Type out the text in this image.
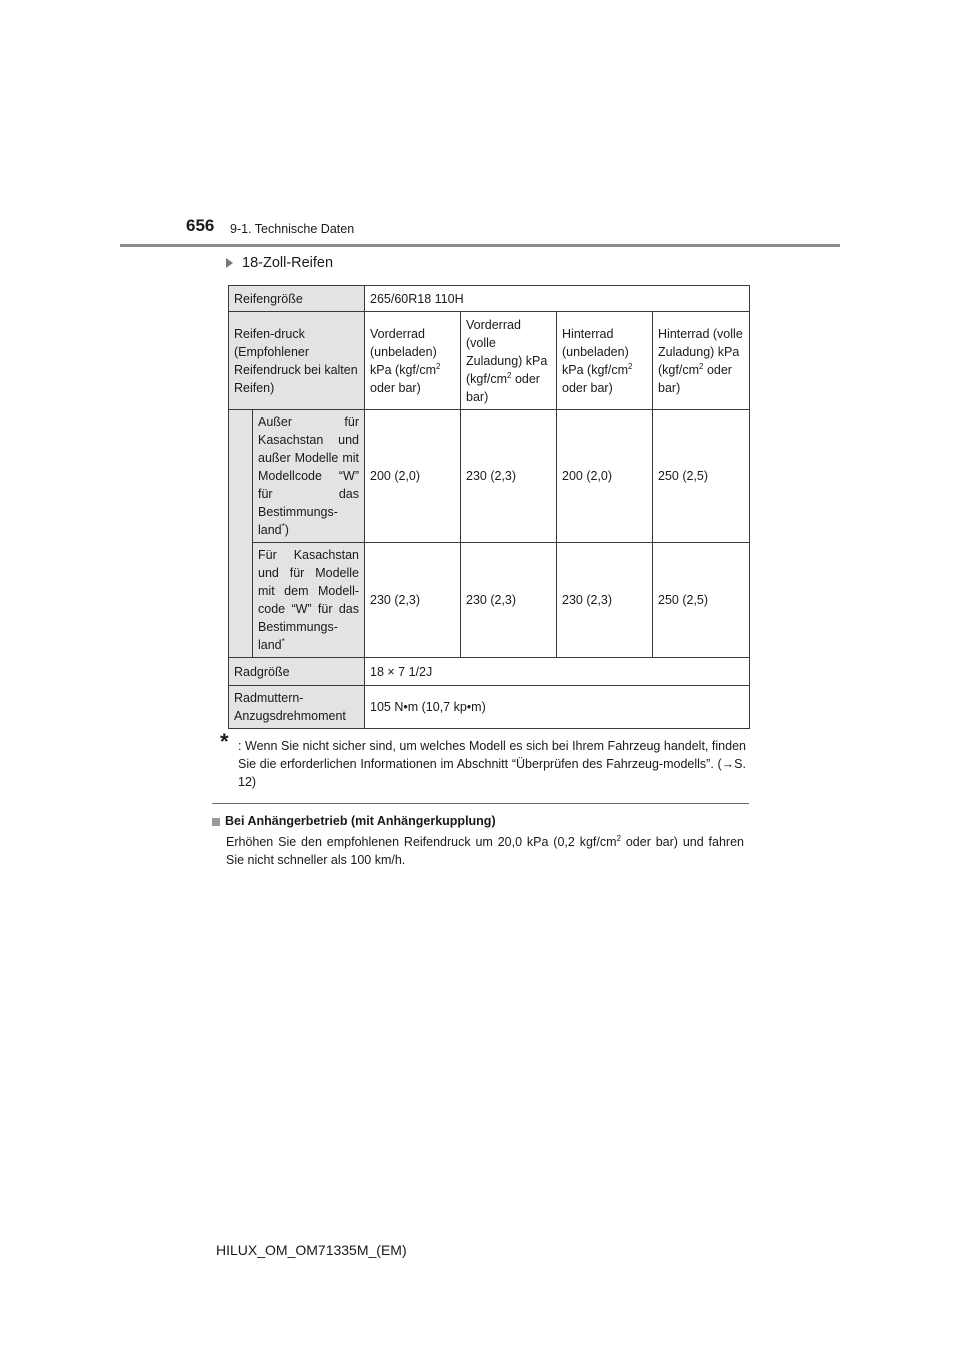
656 9-1. Technische Daten
18-Zoll-Reifen
Reifengröße		265/60R18 110H			
Reifen-druck (Empfohlener Reifendruck bei kalten Reifen)		Vorderrad (unbeladen) kPa ($kgf/cm^2$ oder bar)	Vorderrad (volle Zuladung) kPa ($kgf/cm^2$ oder bar)	Hinterrad (unbeladen) kPa ($kgf/cm^2$ oder bar)	Hinterrad (volle Zuladung) kPa ($kgf/cm^2$ oder bar)
	Außer für Kasachstan und außer Modelle mit Modellcode “W” für das Bestimmungs-land*)	200 (2,0)	230 (2,3)	200 (2,0)	250 (2,5)
	Für Kasachstan und für Modelle mit dem Modell-code “W” für das Bestimmungs-land*	230 (2,3)	230 (2,3)	230 (2,3)	250 (2,5)
Radgröße		18 × 7 1/2J			
Radmuttern-Anzugsdrehmoment		105 N•m (10,7 kp•m)			
* : Wenn Sie nicht sicher sind, um welches Modell es sich bei Ihrem Fahrzeug handelt, finden Sie die erforderlichen Informationen im Abschnitt “Überprüfen des Fahrzeug-modells”. (→S. 12)
Bei Anhängerbetrieb (mit Anhängerkupplung)
Erhöhen Sie den empfohlenen Reifendruck um 20,0 kPa (0,2 kgf/$cm^2$ oder bar) und fahren Sie nicht schneller als 100 km/h.
HILUX_OM_OM71335M_(EM)
